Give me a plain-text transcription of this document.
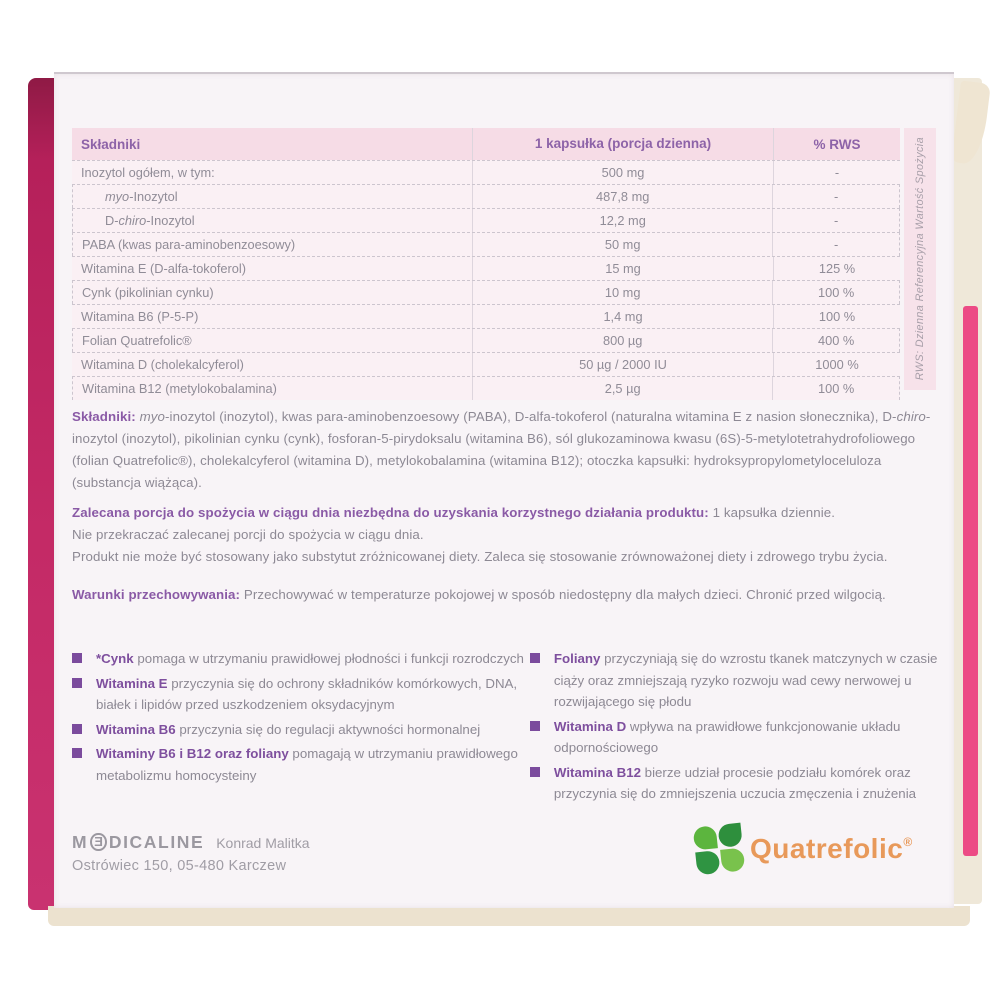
Składniki	1 kapsułka (porcja dzienna)	% RWS
Inozytol ogółem, w tym:	500 mg	-
myo-Inozytol	487,8 mg	-
D-chiro-Inozytol	12,2 mg	-
PABA (kwas para-aminobenzoesowy)	50 mg	-
Witamina E (D-alfa-tokoferol)	15 mg	125 %
Cynk (pikolinian cynku)	10 mg	100 %
Witamina B6 (P-5-P)	1,4 mg	100 %
Folian Quatrefolic®	800 µg	400 %
Witamina D (cholekalcyferol)	50 µg / 2000 IU	1000 %
Witamina B12 (metylokobalamina)	2,5 µg	100 %
RWS: Dzienna Referencyjna Wartość Spożycia
Składniki: myo-inozytol (inozytol), kwas para-aminobenzoesowy (PABA), D-alfa-tokoferol (naturalna witamina E z nasion słonecznika), D-chiro-inozytol (inozytol), pikolinian cynku (cynk), fosforan-5-pirydoksalu (witamina B6), sól glukozaminowa kwasu (6S)-5-metylotetrahydrofoliowego (folian Quatrefolic®), cholekalcyferol (witamina D), metylokobalamina (witamina B12); otoczka kapsułki: hydroksypropylometyloceluloza (substancja wiążąca).
Zalecana porcja do spożycia w ciągu dnia niezbędna do uzyskania korzystnego działania produktu: 1 kapsułka dziennie.
Nie przekraczać zalecanej porcji do spożycia w ciągu dnia.
Produkt nie może być stosowany jako substytut zróżnicowanej diety. Zaleca się stosowanie zrównoważonej diety i zdrowego trybu życia.
Warunki przechowywania: Przechowywać w temperaturze pokojowej w sposób niedostępny dla małych dzieci. Chronić przed wilgocią.
*Cynk pomaga w utrzymaniu prawidłowej płodności i funkcji rozrodczych
Witamina E przyczynia się do ochrony składników komórkowych, DNA, białek i lipidów przed uszkodzeniem oksydacyjnym
Witamina B6 przyczynia się do regulacji aktywności hormonalnej
Witaminy B6 i B12 oraz foliany pomagają w utrzymaniu prawidłowego metabolizmu homocysteiny
Foliany przyczyniają się do wzrostu tkanek matczynych w czasie ciąży oraz zmniejszają ryzyko rozwoju wad cewy nerwowej u rozwijającego się płodu
Witamina D wpływa na prawidłowe funkcjonowanie układu odpornościowego
Witamina B12 bierze udział procesie podziału komórek oraz przyczynia się do zmniejszenia uczucia zmęczenia i znużenia
M Ǝ DICALINE Konrad Malitka
Ostrówiec 150, 05-480 Karczew
Quatrefolic®
